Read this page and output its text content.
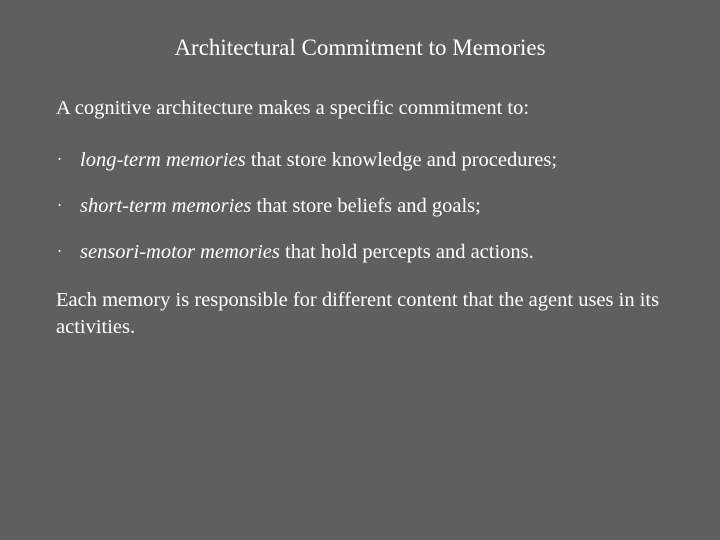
Architectural Commitment to Memories

A cognitive architecture makes a specific commitment to:

⋅ long-term memories that store knowledge and procedures;
⋅ short-term memories that store beliefs and goals;
⋅ sensori-motor memories that hold percepts and actions.

Each memory is responsible for different content that the agent uses in its activities.
